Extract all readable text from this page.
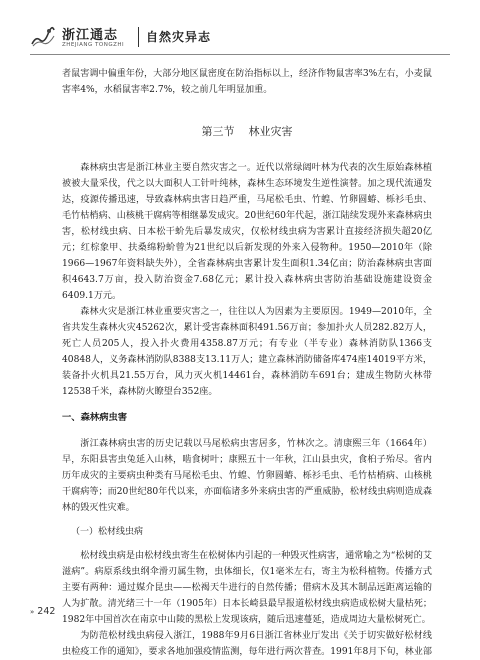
浙江通志
ZHEJIANG TONGZHI
自然灾异志

者鼠害调中偏重年份，大部分地区鼠密度在防治指标以上，经济作物鼠害率3%左右，小麦鼠害率4%，水稻鼠害率2.7%，较之前几年明显加重。

第三节 林业灾害

森林病虫害是浙江林业主要自然灾害之一。近代以常绿阔叶林为代表的次生原始森林植被被大量采伐，代之以大面积人工针叶纯林，森林生态环境发生逆性演替。加之现代流通发达，疫源传播迅速，导致森林病虫害日趋严重，马尾松毛虫、竹蝗、竹卵圆蝽、栎衫毛虫、毛竹枯梢病、山核桃干腐病等相继暴发成灾。20世纪60年代起，浙江陆续发现外来森林病虫害，松材线虫病、日本松干蚧先后暴发成灾，仅松材线虫病为害累计直接经济损失超20亿元；红棕象甲、扶桑绵粉蚧曾为21世纪以后新发现的外来入侵物种。1950—2010年（除1966—1967年资料缺失外），全省森林病虫害累计发生面积1.34亿亩；防治森林病虫害面积4643.7万亩，投入防治资金7.68亿元；累计投入森林病虫害防治基础设施建设资金6409.1万元。

森林火灾是浙江林业重要灾害之一，往往以人为因素为主要原因。1949—2010年，全省共发生森林火灾45262次，累计受害森林面积491.56万亩；参加扑火人员282.82万人，死亡人员205人，投入扑火费用4358.87万元；有专业（半专业）森林消防队1366支40848人，义务森林消防队8388支13.11万人；建立森林消防储备库474座14019平方米，装备扑火机具21.55万台，风力灭火机14461台，森林消防车691台；建成生物防火林带12538千米，森林防火瞭望台352座。

一、森林病虫害

浙江森林病虫害的历史记载以马尾松病虫害居多，竹林次之。清康熙三年（1664年）早，东阳县害虫兔延入山林，啮食树叶；康熙五十一年秋，江山县虫灾，食桕子殆尽。省内历年成灾的主要病虫种类有马尾松毛虫、竹蝗、竹卵圆蝽、栎衫毛虫、毛竹枯梢病、山核桃干腐病等；而20世纪80年代以来，亦面临诸多外来病虫害的严重威胁，松材线虫病则造成森林的毁灭性灾难。

（一）松材线虫病

松材线虫病是由松材线虫寄生在松树体内引起的一种毁灭性病害，通常喻之为“松树的艾滋病”。病原系线虫纲伞滑刃属生物，虫体细长，仅1毫米左右，寄主为松科植物。传播方式主要有两种：通过媒介昆虫——松褐天牛进行的自然传播；借病木及其木制品远距离运输的人为扩散。清光绪三十一年（1905年）日本长崎县最早报道松材线虫病造成松树大量枯死；1982年中国首次在南京中山陵的黑松上发现该病，随后迅速蔓延，造成周边大量松树死亡。

为防范松材线虫病侵入浙江，1988年9月6日浙江省林业厅发出《关于切实做好松材线虫检疫工作的通知》，要求各地加强疫情监测，每年进行两次普查。1991年8月下旬，林业部

» 242
